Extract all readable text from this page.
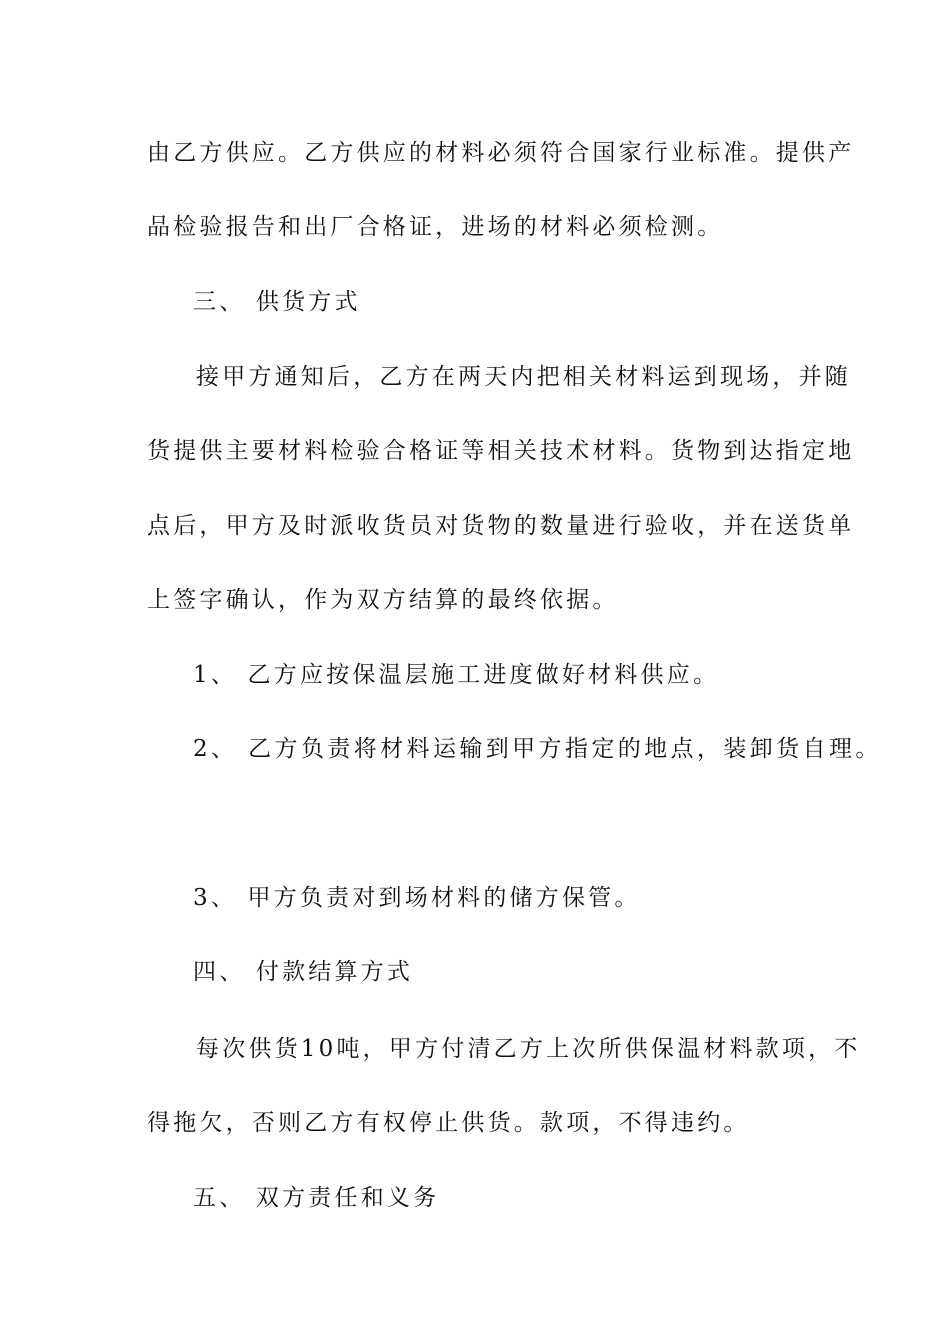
由乙方供应。乙方供应的材料必须符合国家行业标准。提供产
品检验报告和出厂合格证，进场的材料必须检测。
三、 供货方式
接甲方通知后，乙方在两天内把相关材料运到现场，并随
货提供主要材料检验合格证等相关技术材料。货物到达指定地
点后，甲方及时派收货员对货物的数量进行验收，并在送货单
上签字确认，作为双方结算的最终依据。
1、 乙方应按保温层施工进度做好材料供应。
2、 乙方负责将材料运输到甲方指定的地点，装卸货自理。
3、 甲方负责对到场材料的储方保管。
四、 付款结算方式
每次供货10吨，甲方付清乙方上次所供保温材料款项，不
得拖欠，否则乙方有权停止供货。款项，不得违约。
五、 双方责任和义务
